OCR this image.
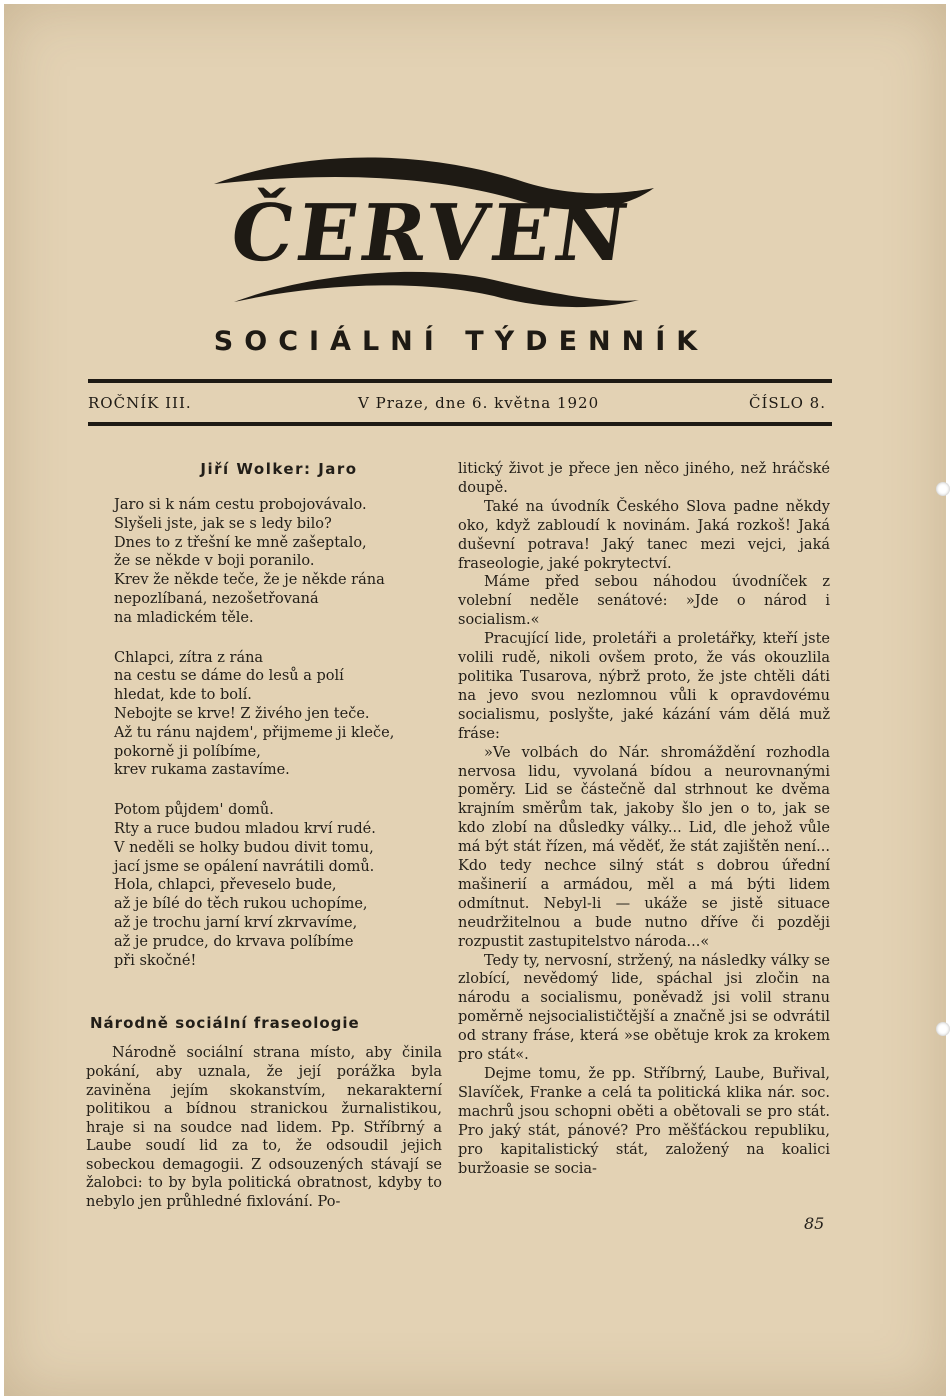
ČERVEN
SOCIÁLNÍ TÝDENNÍK
ROČNÍK III.	V Praze, dne 6. května 1920	ČÍSLO 8.
Jiří Wolker: Jaro
Jaro si k nám cestu probojovávalo.
Slyšeli jste, jak se s ledy bilo?
Dnes to z třešní ke mně zašeptalo,
že se někde v boji poranilo.
Krev že někde teče, že je někde rána
nepozlíbaná, nezošetřovaná
na mladickém těle.
Chlapci, zítra z rána
na cestu se dáme do lesů a polí
hledat, kde to bolí.
Nebojte se krve! Z živého jen teče.
Až tu ránu najdem', přijmeme ji klečе,
pokorně ji políbíme,
krev rukama zastavíme.
Potom půjdem' domů.
Rty a ruce budou mladou krví rudé.
V neděli se holky budou divit tomu,
jací jsme se opálení navrátili domů.
Hola, chlapci, převeselo bude,
až je bílé do těch rukou uchopíme,
až je trochu jarní krví zkrvavíme,
až je prudce, do krvava políbíme
při skočné!
Národně sociální fraseologie

Národně sociální strana místo, aby činila pokání, aby uznala, že její porážka byla zaviněna jejím skokanstvím, nekarakterní politikou a bídnou stranickou žurnalistikou, hraje si na soudce nad lidem. Pp. Stříbrný a Laube soudí lid za to, že odsoudil jejich sobeckou demagogii. Z odsouzených stávají se žalobci: to by byla politická obratnost, kdyby to nebylo jen průhledné fixlování. Po-

litický život je přece jen něco jiného, než hráčské doupě.

Také na úvodník Českého Slova padne někdy oko, když zabloudí k novinám. Jaká rozkoš! Jaká duševní potrava! Jaký tanec mezi vejci, jaká fraseologie, jaké pokrytectví.

Máme před sebou náhodou úvodníček z volební neděle senátové: »Jde o národ i socialism.«

Pracující lide, proletáři a proletářky, kteří jste volili rudě, nikoli ovšem proto, že vás okouzlila politika Tusarova, nýbrž proto, že jste chtěli dáti na jevo svou nezlomnou vůli k opravdovému socialismu, poslyšte, jaké kázání vám dělá muž frásе:

»Ve volbách do Nár. shromáždění rozhodla nervosa lidu, vyvolaná bídou a neurovnanými poměry. Lid se částečně dal strhnout ke dvěma krajním směrům tak, jakoby šlo jen o to, jak se kdo zlobí na důsledky války... Lid, dle jehož vůle má být stát řízen, má věděť, že stát zajištěn není... Kdo tedy nechce silný stát s dobrou úřední mašinerií a armádou, měl a má býti lidem odmítnut. Nebyl-li — ukáže se jistě situace neudržitelnou a bude nutno dříve či později rozpustit zastupitelstvo národa...«

Tedy ty, nervosní, stržený, na následky války se zlobící, nevědomý lide, spáchal jsi zločin na národu a socialismu, poněvadž jsi volil stranu poměrně nejsocialističtější a značně jsi se odvrátil od strany fráse, která »se obětuje krok za krokem pro stát«.

Dejme tomu, že pp. Stříbrný, Laube, Buřival, Slavíček, Franke a celá ta politická klika nár. soc. machrů jsou schopni oběti a obětovali se pro stát. Pro jaký stát, pánové? Pro měšťáckou republiku, pro kapitalistický stát, založený na koalici buržoasie se socia-

85
